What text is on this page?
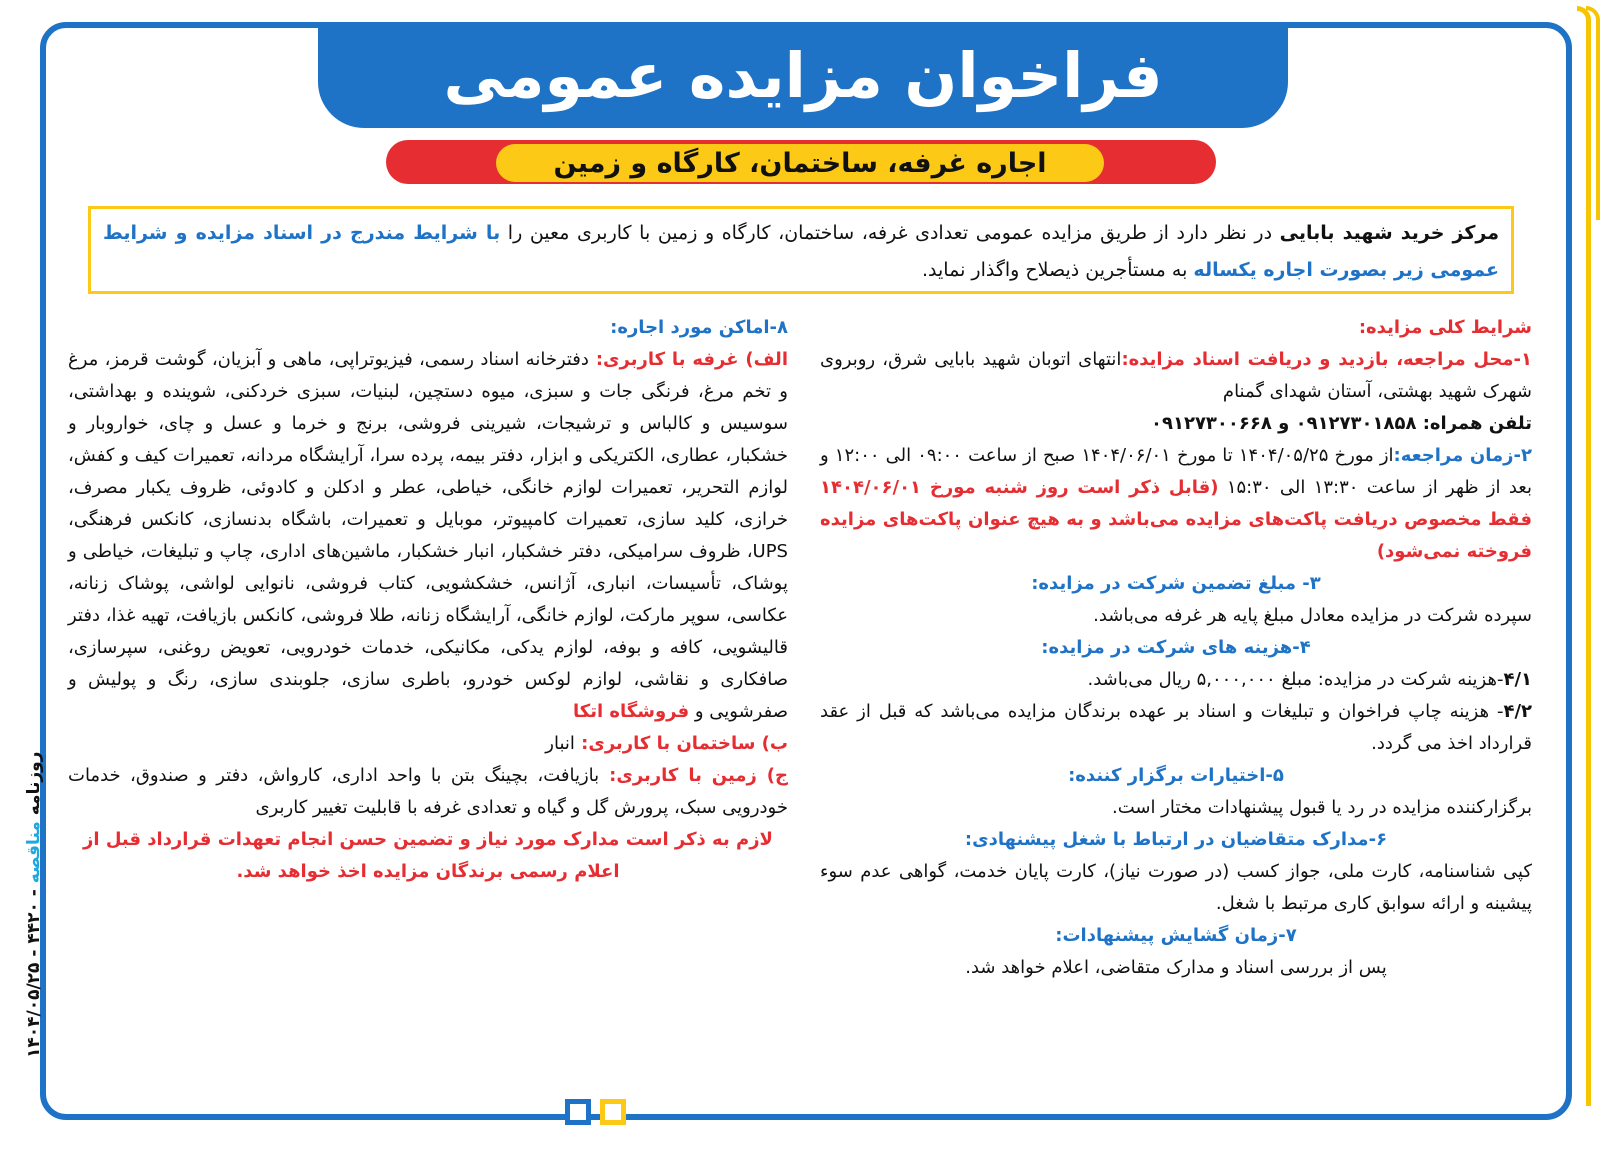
فراخوان مزایده عمومی
اجاره غرفه، ساختمان، کارگاه و زمین
مرکز خرید شهید بابایی در نظر دارد از طریق مزایده عمومی تعدادی غرفه، ساختمان، کارگاه و زمین با کاربری معین را با شرایط مندرج در اسناد مزایده و شرایط عمومی زیر بصورت اجاره یکساله به مستأجرین ذیصلاح واگذار نماید.

شرایط کلی مزایده:

۱-محل مراجعه، بازدید و دریافت اسناد مزایده:انتهای اتوبان شهید بابایی شرق، روبروی شهرک شهید بهشتی، آستان شهدای گمنام

تلفن همراه: ۰۹۱۲۷۳۰۱۸۵۸ و ۰۹۱۲۷۳۰۰۶۶۸

۲-زمان مراجعه:از مورخ ۱۴۰۴/۰۵/۲۵ تا مورخ ۱۴۰۴/۰۶/۰۱ صبح از ساعت ۰۹:۰۰ الی ۱۲:۰۰ و بعد از ظهر از ساعت ۱۳:۳۰ الی ۱۵:۳۰ (قابل ذکر است روز شنبه مورخ ۱۴۰۴/۰۶/۰۱ فقط مخصوص دریافت پاکت‌های مزایده می‌باشد و به هیچ عنوان پاکت‌های مزایده فروخته نمی‌شود)

۳- مبلغ تضمین شرکت در مزایده:

سپرده شرکت در مزایده معادل مبلغ پایه هر غرفه می‌باشد.

۴-هزینه های شرکت در مزایده:

۴/۱-هزینه شرکت در مزایده: مبلغ ۵,۰۰۰,۰۰۰ ریال می‌باشد.

۴/۲- هزینه چاپ فراخوان و تبلیغات و اسناد بر عهده برندگان مزایده می‌باشد که قبل از عقد قرارداد اخذ می گردد.

۵-اختیارات برگزار کننده:

برگزارکننده مزایده در رد یا قبول پیشنهادات مختار است.

۶-مدارک متقاضیان در ارتباط با شغل پیشنهادی:

کپی شناسنامه، کارت ملی، جواز کسب (در صورت نیاز)، کارت پایان خدمت، گواهی عدم سوء پیشینه و ارائه سوابق کاری مرتبط با شغل.

۷-زمان گشایش پیشنهادات:

پس از بررسی اسناد و مدارک متقاضی، اعلام خواهد شد.

۸-اماکن مورد اجاره:

الف) غرفه با کاربری: دفترخانه اسناد رسمی، فیزیوتراپی، ماهی و آبزیان، گوشت قرمز، مرغ و تخم مرغ، فرنگی جات و سبزی، میوه دستچین، لبنیات، سبزی خردکنی، شوینده و بهداشتی، سوسیس و کالباس و ترشیجات، شیرینی فروشی، برنج و خرما و عسل و چای، خواروبار و خشکبار، عطاری، الکتریکی و ابزار، دفتر بیمه، پرده سرا، آرایشگاه مردانه، تعمیرات کیف و کفش، لوازم التحریر، تعمیرات لوازم خانگی، خیاطی، عطر و ادکلن و کادوئی، ظروف یکبار مصرف، خرازی، کلید سازی، تعمیرات کامپیوتر، موبایل و تعمیرات، باشگاه بدنسازی، کانکس فرهنگی، UPS، ظروف سرامیکی، دفتر خشکبار، انبار خشکبار، ماشین‌های اداری، چاپ و تبلیغات، خیاطی و پوشاک، تأسیسات، انباری، آژانس، خشکشویی، کتاب فروشی، نانوایی لواشی، پوشاک زنانه، عکاسی، سوپر مارکت، لوازم خانگی، آرایشگاه زنانه، طلا فروشی، کانکس بازیافت، تهیه غذا، دفتر قالیشویی، کافه و بوفه، لوازم یدکی، مکانیکی، خدمات خودرویی، تعویض روغنی، سپرسازی، صافکاری و نقاشی، لوازم لوکس خودرو، باطری سازی، جلوبندی سازی، رنگ و پولیش و صفرشویی و فروشگاه اتکا

ب) ساختمان با کاربری: انبار

ج) زمین با کاربری: بازیافت، بچینگ بتن با واحد اداری، کارواش، دفتر و صندوق، خدمات خودرویی سبک، پرورش گل و گیاه و تعدادی غرفه با قابلیت تغییر کاربری

لازم به ذکر است مدارک مورد نیاز و تضمین حسن انجام تعهدات قرارداد قبل از اعلام رسمی برندگان مزایده اخذ خواهد شد.

روزنامه مناقصه - ۴۴۲۰ - ۱۴۰۴/۰۵/۲۵
